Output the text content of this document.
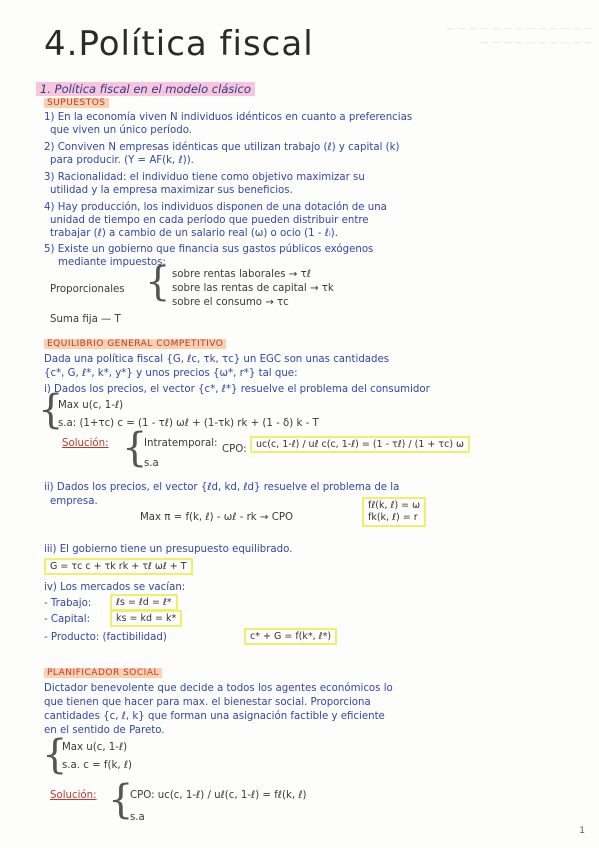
— — — — — — — — — — — — —
— — — — — — — — — —
4.Política fiscal
1. Política fiscal en el modelo clásico
SUPUESTOS
1) En la economía viven N individuos idénticos en cuanto a preferencias
que viven un único período.
2) Conviven N empresas idénticas que utilizan trabajo (ℓ) y capital (k)
para producir. (Y = AF(k, ℓ)).
3) Racionalidad: el individuo tiene como objetivo maximizar su
utilidad y la empresa maximizar sus beneficios.
4) Hay producción, los individuos disponen de una dotación de una
unidad de tiempo en cada período que pueden distribuir entre
trabajar (ℓ) a cambio de un salario real (ω) o ocio (1 - ℓᵢ).
5) Existe un gobierno que financia sus gastos públicos exógenos
mediante impuestos:
Proporcionales { sobre rentas laborales → τℓ
sobre las rentas de capital → τk
sobre el consumo → τc
Suma fija — T
EQUILIBRIO GENERAL COMPETITIVO
Dada una política fiscal {G, ℓc, τk, τc} un EGC son unas cantidades
{c*, G, ℓ*, k*, y*} y unos precios {ω*, r*} tal que:
i) Dados los precios, el vector {c*, ℓ*} resuelve el problema del consumidor
{
Max u(c, 1-ℓ)
s.a: (1+τc) c = (1 - τℓ) ωℓ + (1-τk) rk + (1 - δ) k - T
Solución: {
Intratemporal:
s.a
CPO: uc(c, 1-ℓ) / uℓ c(c, 1-ℓ) = (1 - τℓ) / (1 + τc) ω
ii) Dados los precios, el vector {ℓd, kd, ℓd} resuelve el problema de la
empresa.
Max π = f(k, ℓ) - ωℓ - rk → CPO
fℓ(k, ℓ) = ω
fk(k, ℓ) = r
iii) El gobierno tiene un presupuesto equilibrado.
G = τc c + τk rk + τℓ ωℓ + T
iv) Los mercados se vacían:
- Trabajo:	ℓs = ℓd = ℓ*
- Capital:	ks = kd = k*
- Producto: (factibilidad)	c* + G = f(k*, ℓ*)
PLANIFICADOR SOCIAL
Dictador benevolente que decide a todos los agentes económicos lo
que tienen que hacer para max. el bienestar social. Proporciona
cantidades {c, ℓ, k} que forman una asignación factible y eficiente
en el sentido de Pareto.
{
Max u(c, 1-ℓ)
s.a. c = f(k, ℓ)
Solución: {
CPO: uc(c, 1-ℓ) / uℓ(c, 1-ℓ) = fℓ(k, ℓ)
s.a
1
